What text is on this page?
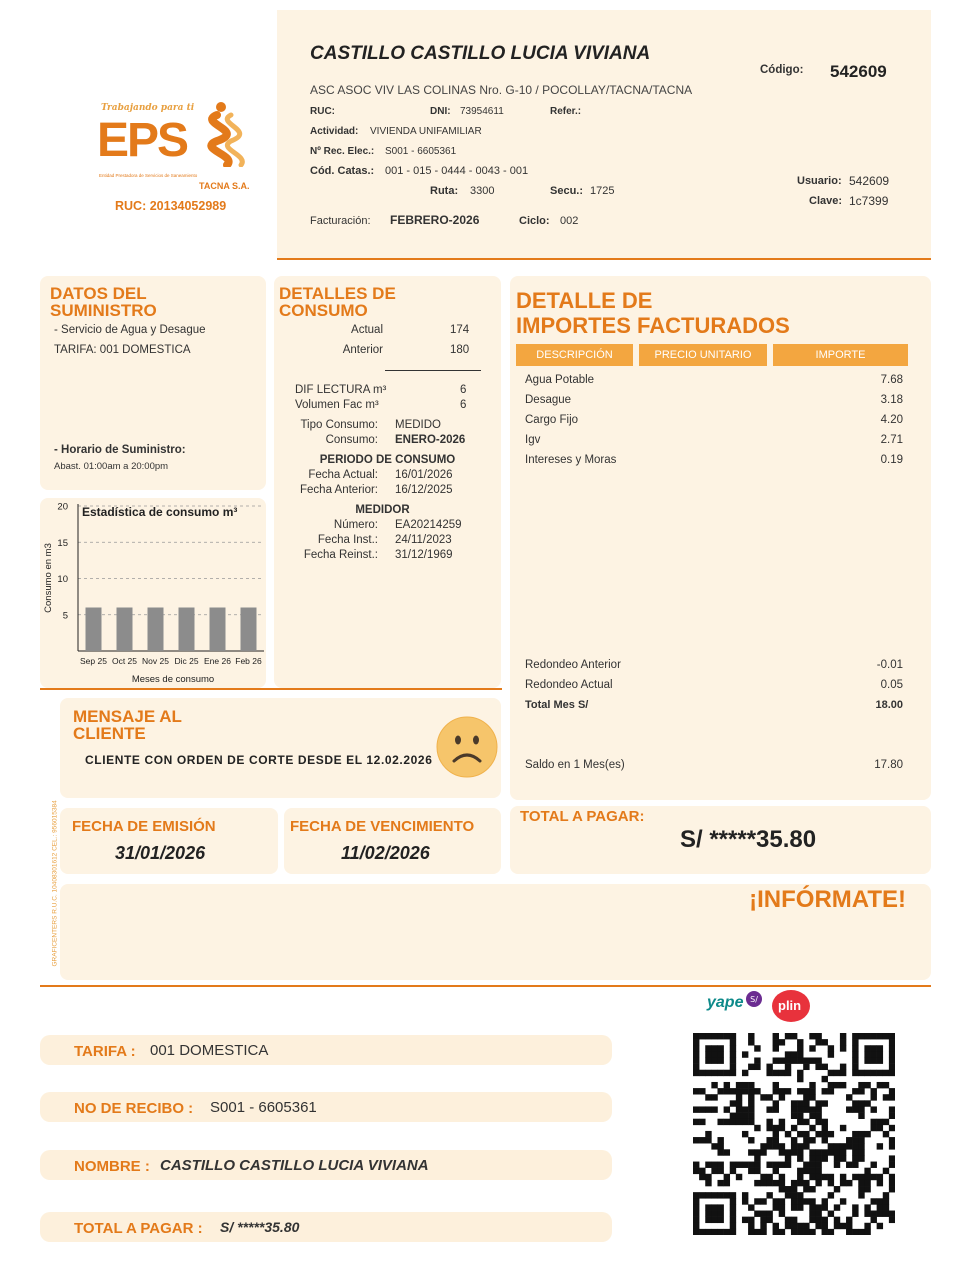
Trabajando para ti
EPS
Entidad Prestadora de Servicios de Saneamiento
TACNA S.A.
RUC: 20134052989
CASTILLO CASTILLO LUCIA VIVIANA
ASC ASOC VIV LAS COLINAS Nro. G-10 / POCOLLAY/TACNA/TACNA
Código: 542609
RUC:	DNI: 73954611	Refer.:
Actividad: VIVIENDA UNIFAMILIAR
Nº Rec. Elec.: S001 - 6605361
Cód. Catas.: 001 - 015 - 0444 - 0043 - 001
Ruta: 3300	Secu.: 1725
Usuario: 542609
Clave: 1c7399
Facturación: FEBRERO-2026	Ciclo: 002
DATOS DEL
SUMINISTRO
- Servicio de Agua y Desague
TARIFA: 001 DOMESTICA
- Horario de Suministro:
Abast. 01:00am a 20:00pm
5
10
15
20
Sep 25 Oct 25 Nov 25 Dic 25 Ene 26 Feb 26
Estadística de consumo m³
Meses de consumo
Consumo en m3
DETALLES DE
CONSUMO
Actual	174
Anterior	180
DIF LECTURA m³	6
Volumen Fac m³	6
Tipo Consumo: MEDIDO
Consumo: ENERO-2026
PERIODO DE CONSUMO
Fecha Actual: 16/01/2026
Fecha Anterior: 16/12/2025
MEDIDOR
Número: EA20214259
Fecha Inst.: 24/11/2023
Fecha Reinst.: 31/12/1969
DETALLE DE
IMPORTES FACTURADOS
DESCRIPCIÓN	PRECIO UNITARIO	IMPORTE
Agua Potable	7.68
Desague	3.18
Cargo Fijo	4.20
Igv	2.71
Intereses y Moras	0.19
Redondeo Anterior	-0.01
Redondeo Actual	0.05
Total Mes S/	18.00
Saldo en 1 Mes(es)	17.80
MENSAJE AL
CLIENTE
CLIENTE CON ORDEN DE CORTE DESDE EL 12.02.2026
GRAFICENTERS R.U.C. 10408301612 CEL.: 956015384 FECHA DE EMISIÓN
31/01/2026
FECHA DE VENCIMIENTO
11/02/2026
TOTAL A PAGAR:
S/ *****35.80
¡INFÓRMATE!
yape S/ plin
TARIFA : 001 DOMESTICA
NO DE RECIBO : S001 - 6605361
NOMBRE : CASTILLO CASTILLO LUCIA VIVIANA
TOTAL A PAGAR : S/ *****35.80
